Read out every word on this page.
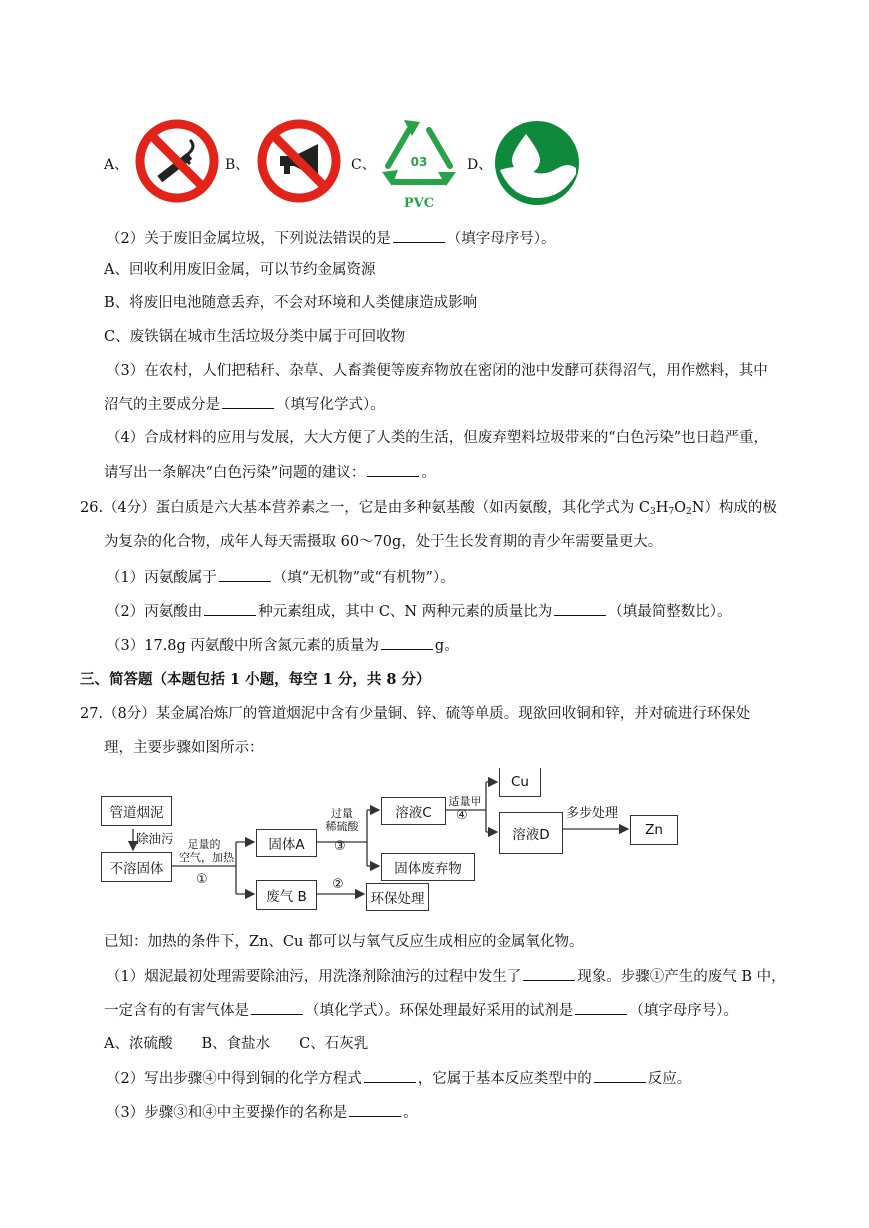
A、	B、	C、	03
PVC
D、
（2）关于废旧金属垃圾，下列说法错误的是	（填字母序号）。
A、回收利用废旧金属，可以节约金属资源
B、将废旧电池随意丢弃，不会对环境和人类健康造成影响
C、废铁锅在城市生活垃圾分类中属于可回收物
（3）在农村，人们把秸秆、杂草、人畜粪便等废弃物放在密闭的池中发酵可获得沼气，用作燃料，其中
沼气的主要成分是	（填写化学式）。
（4）合成材料的应用与发展，大大方便了人类的生活，但废弃塑料垃圾带来的“白色污染”也日趋严重，
请写出一条解决“白色污染”问题的建议：	。
26.（4分）蛋白质是六大基本营养素之一，它是由多种氨基酸（如丙氨酸，其化学式为 $C_3H_7O_2N$）构成的极
为复杂的化合物，成年人每天需摄取 60～70g，处于生长发育期的青少年需要量更大。
（1）丙氨酸属于	（填“无机物”或“有机物”）。
（2）丙氨酸由	种元素组成，其中 C、N 两种元素的质量比为	（填最简整数比）。
（3）17.8g 丙氨酸中所含氮元素的质量为	g。
三、简答题（本题包括 1 小题，每空 1 分，共 8 分）
27.（8分）某金属冶炼厂的管道烟泥中含有少量铜、锌、硫等单质。现欲回收铜和锌，并对硫进行环保处
理，主要步骤如图所示：
管道烟泥
除油污
不溶固体
足量的
空气，加热
①
固体A
过量
稀硫酸
③
溶液C
固体废弃物
适量甲
④
Cu
溶液D
多步处理
Zn
废气 B
②
环保处理
已知：加热的条件下，Zn、Cu 都可以与氧气反应生成相应的金属氧化物。
（1）烟泥最初处理需要除油污，用洗涤剂除油污的过程中发生了	现象。步骤①产生的废气 B 中，
一定含有的有害气体是	（填化学式）。环保处理最好采用的试剂是	（填字母序号）。
A、浓硫酸　　B、食盐水　　C、石灰乳
（2）写出步骤④中得到铜的化学方程式	，它属于基本反应类型中的	反应。
（3）步骤③和④中主要操作的名称是	。
